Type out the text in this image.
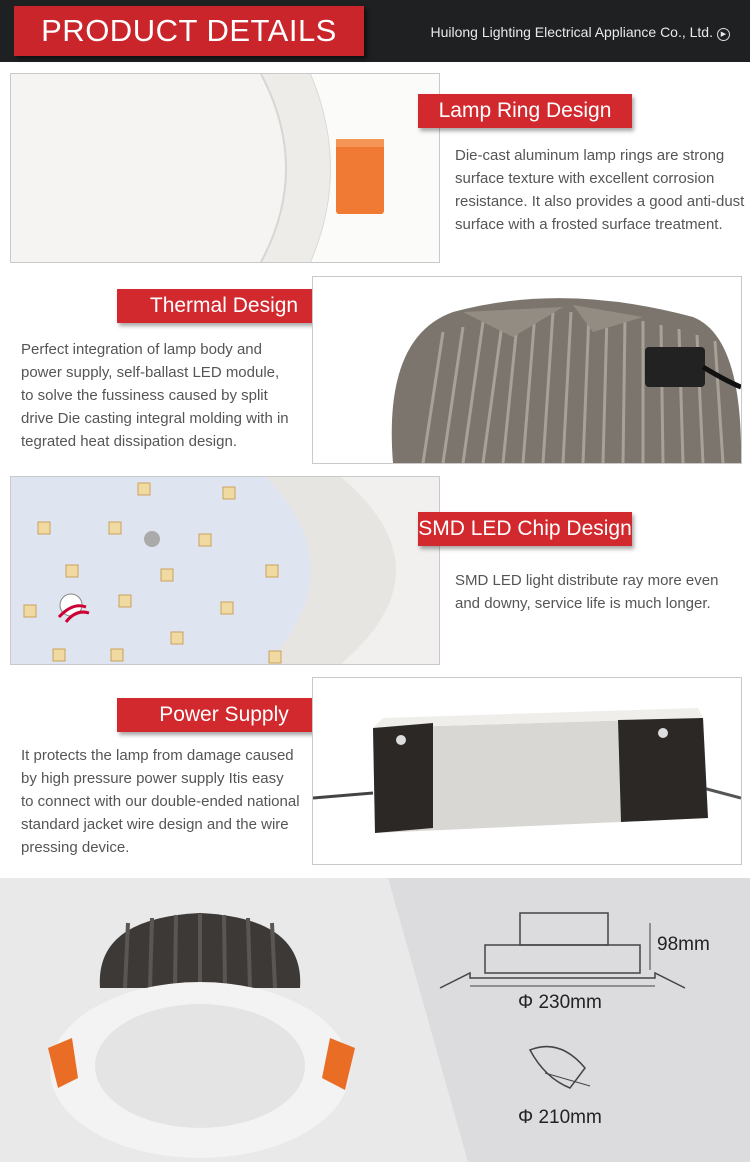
PRODUCT DETAILS	Huilong Lighting Electrical Appliance Co., Ltd. ▶
Lamp Ring Design
Die-cast aluminum lamp rings are strong
surface texture with excellent corrosion
resistance. It also provides a good anti-dust
surface with a frosted surface treatment.
Thermal Design
Perfect integration of lamp body and
power supply, self-ballast LED module,
to solve the fussiness caused by split
drive Die casting integral molding with in
tegrated heat dissipation design.
SMD LED Chip Design
SMD LED light distribute ray more even
and downy, service life is much longer.
Power Supply
It protects the lamp from damage caused
by high pressure power supply Itis easy
to connect with our double-ended national
standard jacket wire design and the wire
pressing device.
98mm
Φ 230mm
Φ 210mm
